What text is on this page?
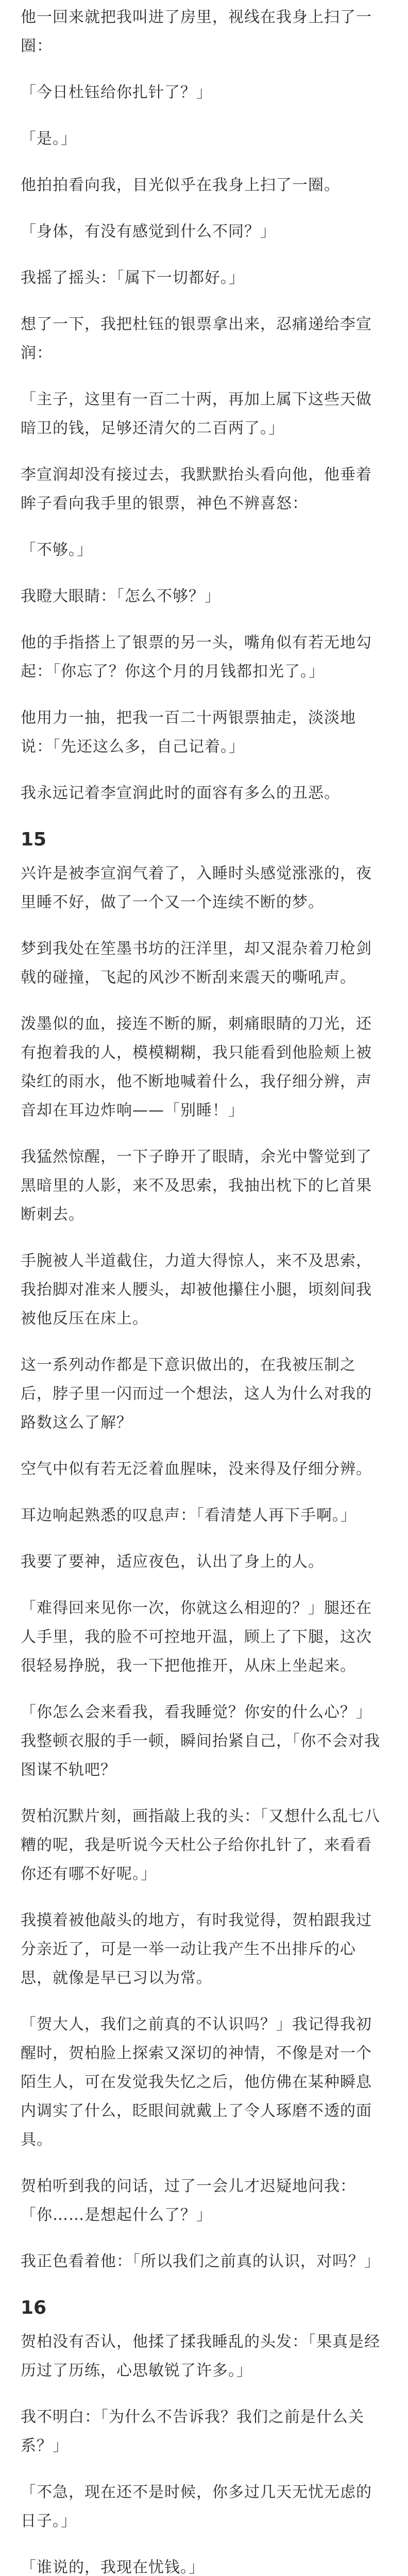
他一回来就把我叫进了房里，视线在我身上扫了一圈：
「今日杜钰给你扎针了？」
「是。」
他拍拍看向我，目光似乎在我身上扫了一圈。
「身体，有没有感觉到什么不同？」
我摇了摇头：「属下一切都好。」
想了一下，我把杜钰的银票拿出来，忍痛递给李宣润：
「主子，这里有一百二十两，再加上属下这些天做暗卫的钱，足够还清欠的二百两了。」
李宣润却没有接过去，我默默抬头看向他，他垂着眸子看向我手里的银票，神色不辨喜怒：
「不够。」
我瞪大眼睛：「怎么不够？」
他的手指搭上了银票的另一头，嘴角似有若无地勾起：「你忘了？你这个月的月钱都扣光了。」
他用力一抽，把我一百二十两银票抽走，淡淡地说：「先还这么多，自己记着。」
我永远记着李宣润此时的面容有多么的丑恶。
15
兴许是被李宣润气着了，入睡时头感觉涨涨的，夜里睡不好，做了一个又一个连续不断的梦。
梦到我处在笙墨书坊的汪洋里，却又混杂着刀枪剑戟的碰撞，飞起的风沙不断刮来震天的嘶吼声。
泼墨似的血，接连不断的厮，刺痛眼睛的刀光，还有抱着我的人，模模糊糊，我只能看到他脸颊上被染红的雨水，他不断地喊着什么，我仔细分辨，声音却在耳边炸响——「别睡！」
我猛然惊醒，一下子睁开了眼睛，余光中警觉到了黑暗里的人影，来不及思索，我抽出枕下的匕首果断刺去。
手腕被人半道截住，力道大得惊人，来不及思索，我抬脚对准来人腰头，却被他攥住小腿，顷刻间我被他反压在床上。
这一系列动作都是下意识做出的，在我被压制之后，脖子里一闪而过一个想法，这人为什么对我的路数这么了解？
空气中似有若无泛着血腥味，没来得及仔细分辨。
耳边响起熟悉的叹息声：「看清楚人再下手啊。」
我要了要神，适应夜色，认出了身上的人。
「难得回来见你一次，你就这么相迎的？」腿还在人手里，我的脸不可控地开温，顾上了下腿，这次很轻易挣脱，我一下把他推开，从床上坐起来。
「你怎么会来看我，看我睡觉？你安的什么心？」我整顿衣服的手一顿，瞬间抬紧自己，「你不会对我图谋不轨吧？
贺柏沉默片刻，画指敲上我的头：「又想什么乱七八糟的呢，我是听说今天杜公子给你扎针了，来看看你还有哪不好呢。」
我摸着被他敲头的地方，有时我觉得，贺柏跟我过分亲近了，可是一举一动让我产生不出排斥的心思，就像是早已习以为常。
「贺大人，我们之前真的不认识吗？」我记得我初醒时，贺柏脸上探索又深切的神情，不像是对一个陌生人，可在发觉我失忆之后，他仿佛在某种瞬息内调实了什么，眨眼间就戴上了令人琢磨不透的面具。
贺柏听到我的问话，过了一会儿才迟疑地问我：「你……是想起什么了？」
我正色看着他：「所以我们之前真的认识，对吗？」
16
贺柏没有否认，他揉了揉我睡乱的头发：「果真是经历过了历练，心思敏锐了许多。」
我不明白：「为什么不告诉我？我们之前是什么关系？」
「不急，现在还不是时候，你多过几天无忧无虑的日子。」
「谁说的，我现在忧钱。」
